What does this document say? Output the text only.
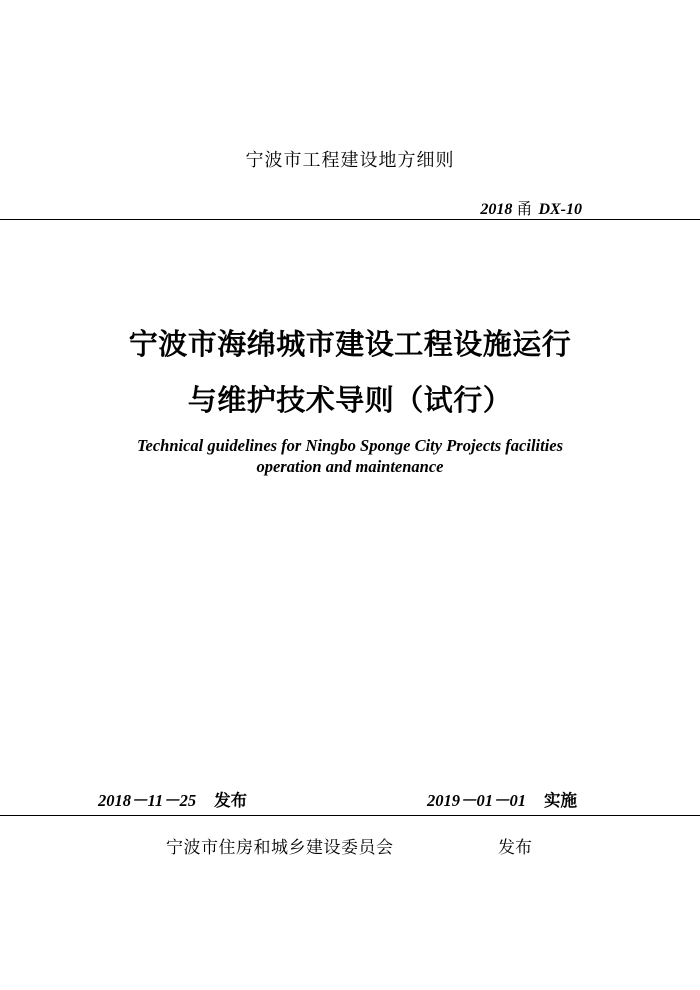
宁波市工程建设地方细则
2018 甬 DX-10
宁波市海绵城市建设工程设施运行
与维护技术导则（试行）
Technical guidelines for Ningbo Sponge City Projects facilities
operation and maintenance
2018－11－25 发布	2019－01－01 实施
宁波市住房和城乡建设委员会	发布
